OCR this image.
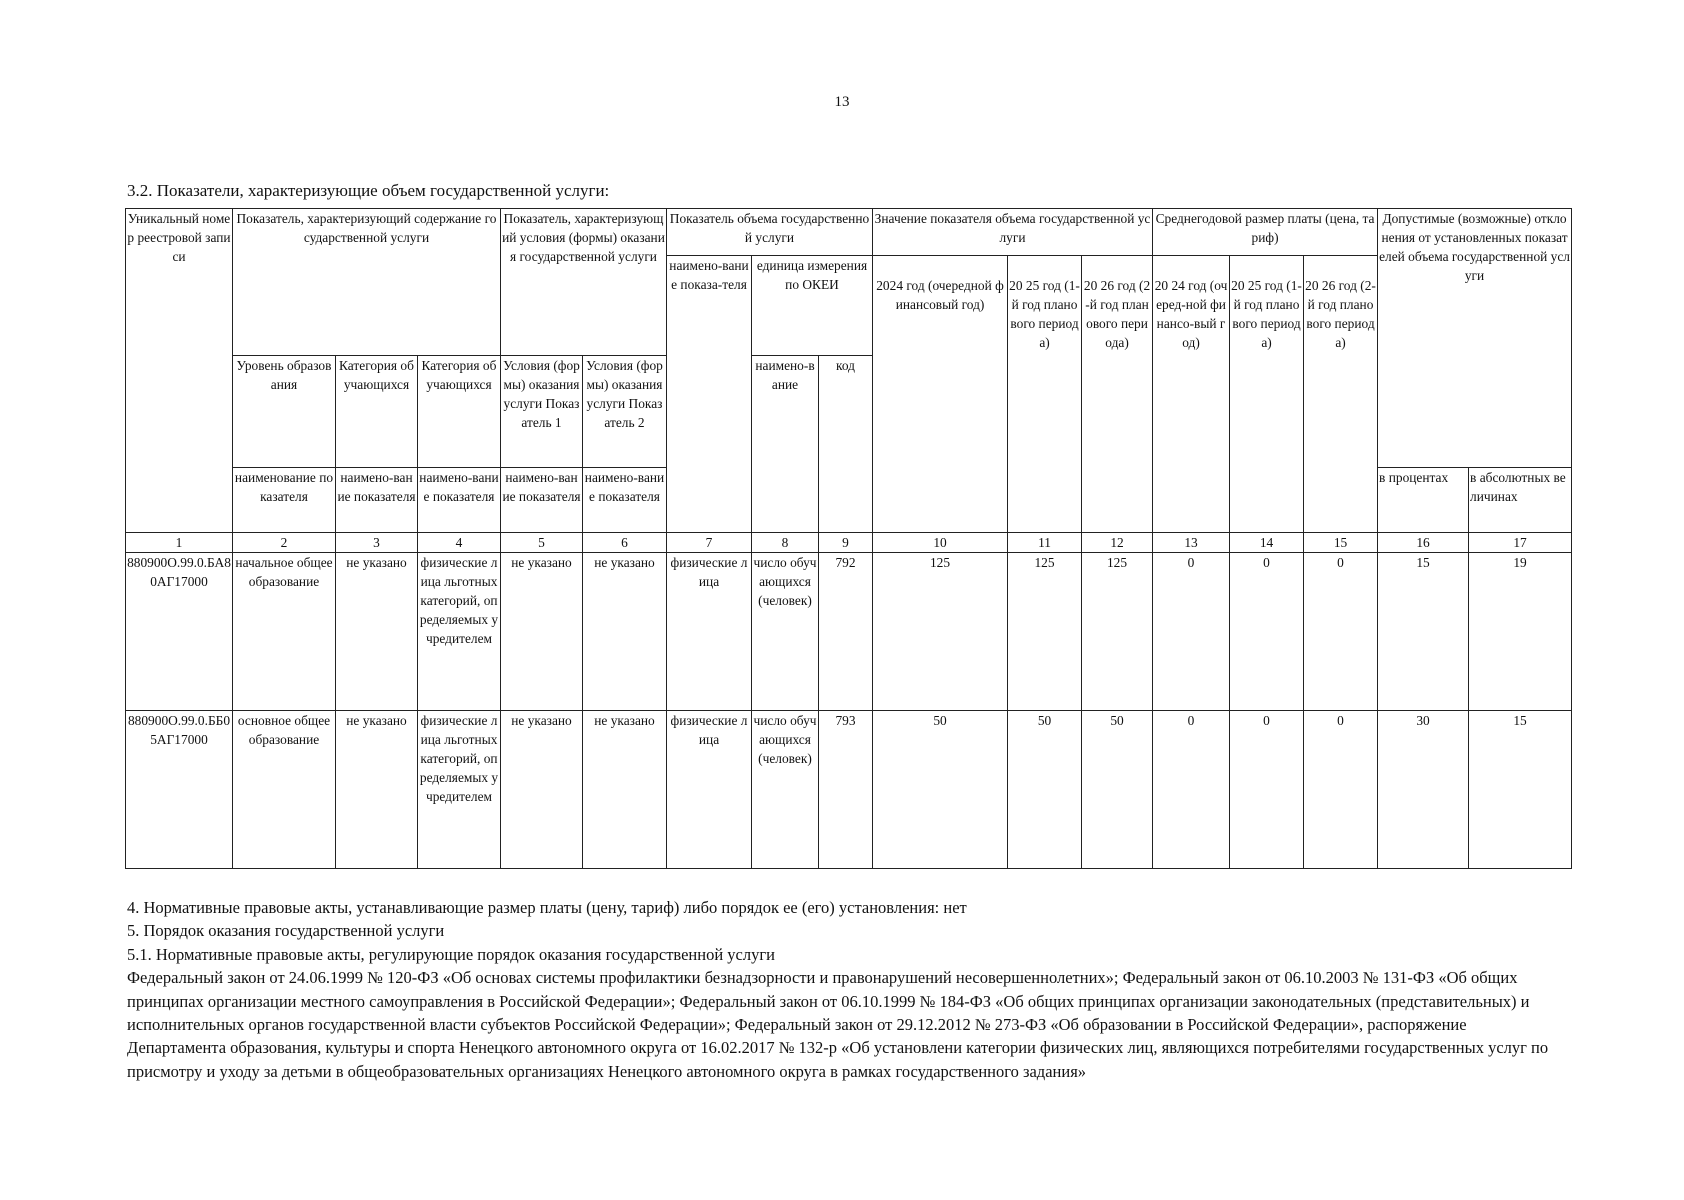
13
3.2. Показатели, характеризующие объем государственной услуги:
Уникальный номер реестровой записи	Показатель, характеризующий содержание государственной услуги			Показатель, характеризующий условия (формы) оказания государственной услуги		Показатель объема государственной услуги			Значение показателя объема государственной услуги			Среднегодовой размер платы (цена, тариф)			Допустимые (возможные) отклонения от установленных показателей объема государственной услуги	
						наимено-вание показа-теля	единица измерения по ОКЕИ		2024 год (очередной финансовый год)	20 25 год (1-й год планового периода)	20 26 год (2-й год планового периода)	20 24 год (очеред-ной финансо-вый год)	20 25 год (1-й год планового периода)	20 26 год (2-й год планового периода)		
	Уровень образования	Категория обучающихся	Категория обучающихся	Условия (формы) оказания услуги Показатель 1	Условия (формы) оказания услуги Показатель 2		наимено-вание	код								
	наименование показателя	наимено-вание показателя	наимено-вание показателя	наимено-вание показателя	наимено-вание показателя										в процентах	в абсолютных величинах
1	2	3	4	5	6	7	8	9	10	11	12	13	14	15	16	17
880900О.99.0.БА80АГ17000	начальное общее образование	не указано	физические лица льготных категорий, определяемых учредителем	не указано	не указано	физические лица	число обучающихся (человек)	792	125	125	125	0	0	0	15	19
880900О.99.0.ББ05АГ17000	основное общее образование	не указано	физические лица льготных категорий, определяемых учредителем	не указано	не указано	физические лица	число обучающихся (человек)	793	50	50	50	0	0	0	30	15

4. Нормативные правовые акты, устанавливающие размер платы (цену, тариф) либо порядок ее (его) установления: нет

5. Порядок оказания государственной услуги

5.1. Нормативные правовые акты, регулирующие порядок оказания государственной услуги

Федеральный закон от 24.06.1999 № 120-ФЗ «Об основах системы профилактики безнадзорности и правонарушений несовершеннолетних»; Федеральный закон от 06.10.2003 № 131-ФЗ «Об общих принципах организации местного самоуправления в Российской Федерации»; Федеральный закон от 06.10.1999 № 184-ФЗ «Об общих принципах организации законодательных (представительных) и исполнительных органов государственной власти субъектов Российской Федерации»; Федеральный закон от 29.12.2012 № 273-ФЗ «Об образовании в Российской Федерации», распоряжение Департамента образования, культуры и спорта Ненецкого автономного округа от 16.02.2017 № 132-р «Об установлени категории физических лиц, являющихся потребителями государственных услуг по присмотру и уходу за детьми в общеобразовательных организациях Ненецкого автономного округа в рамках государственного задания»
